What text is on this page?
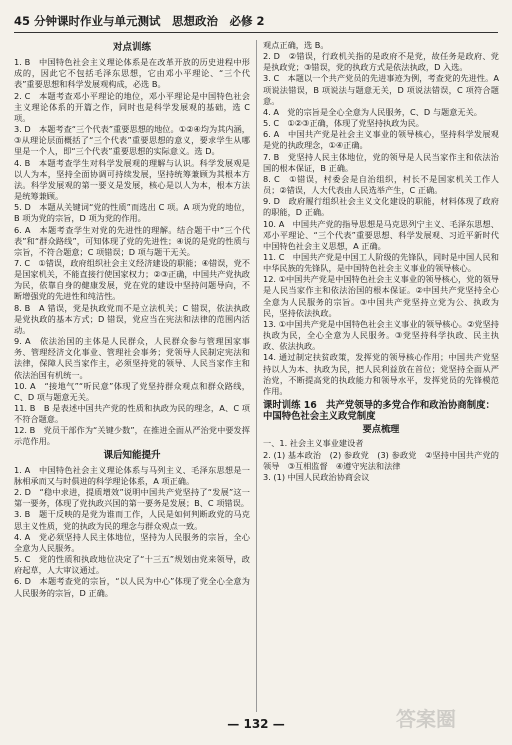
45 分钟课时作业与单元测试　思想政治　必修 2
对点训练

1. B　中国特色社会主义理论体系是在改革开放的历史进程中形成的，因此它不包括毛泽东思想，它由邓小平理论、“三个代表”重要思想和科学发展观构成，必选 B。

2. C　本题考查邓小平理论的地位，邓小平理论是中国特色社会主义理论体系的开篇之作，同时也是科学发展观的基础，选 C 项。

3. D　本题考查“三个代表”重要思想的地位。①②④均为其内涵，③从理论层面概括了“三个代表”重要思想的意义，要求学生从哪里是一个人，即“三个代表”重要思想的实际意义。选 D。

4. B　本题考查学生对科学发展观的理解与认识。科学发展观是以人为本，坚持全面协调可持续发展，坚持统筹兼顾为其根本方法。科学发展观的第一要义是发展，核心是以人为本，根本方法是统筹兼顾。

5. D　本题从关键词“党的性质”而选出 C 项。A 项为党的地位，B 项为党的宗旨，D 项为党的作用。

6. A　本题考查学生对党的先进性的理解。结合题干中“三个代表”和“群众路线”，可知体现了党的先进性；④说的是党的性质与宗旨，不符合题意；C 项错误；D 项与题干无关。

7. C　①错误，政府组织社会主义经济建设的职能；④错误，党不是国家机关，不能直接行使国家权力；②③正确，中国共产党执政为民，依靠自身的健康发展，党在党的建设中坚持问题导向，不断增强党的先进性和纯洁性。

8. B　A 错误，党是执政党而不是立法机关；C 错误，依法执政是党执政的基本方式；D 错误，党应当在宪法和法律的范围内活动。

9. A　依法治国的主体是人民群众，人民群众参与管理国家事务、管理经济文化事业、管理社会事务；党领导人民制定宪法和法律，保障人民当家作主，必须坚持党的领导、人民当家作主和依法治国有机统一。

10. A　“接地气”“听民意”体现了党坚持群众观点和群众路线，C、D 项与题意无关。

11. B　B 是表述中国共产党的性质和执政为民的理念，A、C 项不符合题意。

12. B　党员干部作为“关键少数”，在推进全面从严治党中要发挥示范作用。

课后知能提升

1. A　中国特色社会主义理论体系与马列主义、毛泽东思想是一脉相承而又与时俱进的科学理论体系，A 项正确。

2. D　“稳中求进，提质增效”说明中国共产党坚持了“发展”这一第一要务，体现了党执政兴国的第一要务是发展；B、C 项错误。

3. B　题干反映的是党为谁而工作，人民是如何判断政党的马克思主义性质，党的执政为民的理念与群众观点一致。

4. A　党必须坚持人民主体地位，坚持为人民服务的宗旨，全心全意为人民服务。

5. C　党的性质和执政地位决定了“十三五”规划由党来领导，政府起草，人大审议通过。

6. D　本题考查党的宗旨，“以人民为中心”体现了党全心全意为人民服务的宗旨，D 正确。

观点正确，选 B。

2. D　②错误，行政机关指的是政府不是党，故任务是政府、党是执政党；③错误，党的执政方式是依法执政，D 入选。

3. C　本题以一个共产党员的先进事迹为例，考查党的先进性。A 项说法错误，B 项说法与题意无关，D 项说法错误，C 项符合题意。

4. A　党的宗旨是全心全意为人民服务，C、D 与题意无关。

5. C　①②③正确，体现了党坚持执政为民。

6. A　中国共产党是社会主义事业的领导核心，坚持科学发展观是党的执政理念，①④正确。

7. B　党坚持人民主体地位，党的领导是人民当家作主和依法治国的根本保证，B 正确。

8. C　①错误，村委会是自治组织，村长不是国家机关工作人员；②错误，人大代表由人民选举产生，C 正确。

9. D　政府履行组织社会主义文化建设的职能，材料体现了政府的职能，D 正确。

10. A　中国共产党的指导思想是马克思列宁主义、毛泽东思想、邓小平理论、“三个代表”重要思想、科学发展观、习近平新时代中国特色社会主义思想，A 正确。

11. C　中国共产党是中国工人阶级的先锋队，同时是中国人民和中华民族的先锋队，是中国特色社会主义事业的领导核心。

12. ①中国共产党是中国特色社会主义事业的领导核心，党的领导是人民当家作主和依法治国的根本保证。②中国共产党坚持全心全意为人民服务的宗旨。③中国共产党坚持立党为公、执政为民，坚持依法执政。

13. ①中国共产党是中国特色社会主义事业的领导核心。②党坚持执政为民，全心全意为人民服务。③党坚持科学执政、民主执政、依法执政。

14. 通过制定扶贫政策，发挥党的领导核心作用；中国共产党坚持以人为本、执政为民，把人民利益放在首位；党坚持全面从严治党，不断提高党的执政能力和领导水平，发挥党员的先锋模范作用。

课时训练 16　共产党领导的多党合作和政治协商制度：中国特色社会主义政党制度
要点梳理

一、1. 社会主义事业建设者

2. (1) 基本政治　(2) 参政党　(3) 参政党　②坚持中国共产党的领导　③互相监督　④遵守宪法和法律

3. (1) 中国人民政治协商会议

— 132 —	答案圈
